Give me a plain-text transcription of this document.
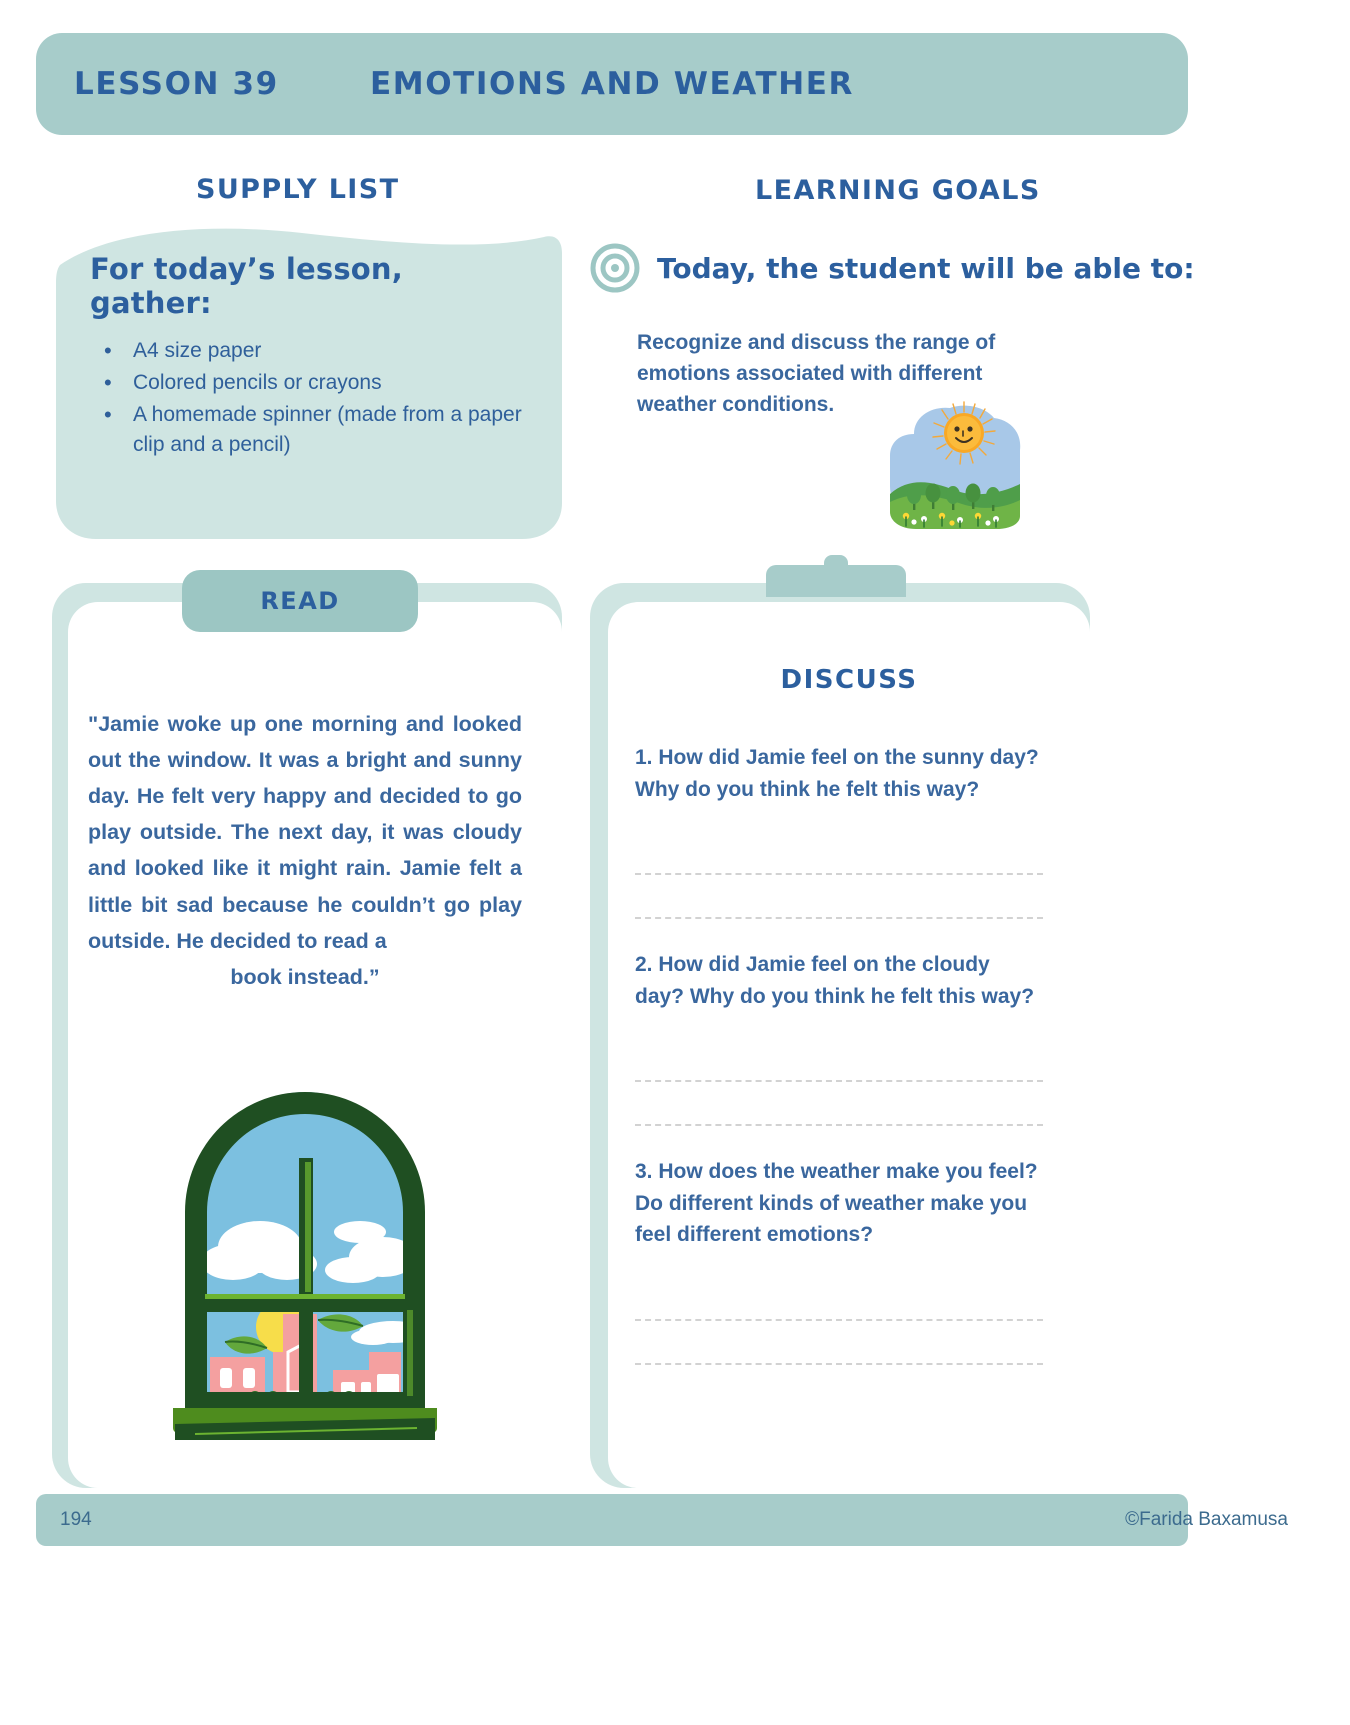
LESSON 39	EMOTIONS AND WEATHER
SUPPLY LIST
For today’s lesson, gather:
• A4 size paper
• Colored pencils or crayons
• A homemade spinner (made from a paper clip and a pencil)
LEARNING GOALS
Today, the student will be able to:
Recognize and discuss the range of emotions associated with different weather conditions.
READ
"Jamie woke up one morning and looked out the window. It was a bright and sunny day. He felt very happy and decided to go play outside. The next day, it was cloudy and looked like it might rain. Jamie felt a little bit sad because he couldn’t go play outside. He decided to read a
book instead.”
DISCUSS
1. How did Jamie feel on the sunny day? Why do you think he felt this way?
2. How did Jamie feel on the cloudy day? Why do you think he felt this way?
3. How does the weather make you feel? Do different kinds of weather make you feel different emotions?
194	©Farida Baxamusa
